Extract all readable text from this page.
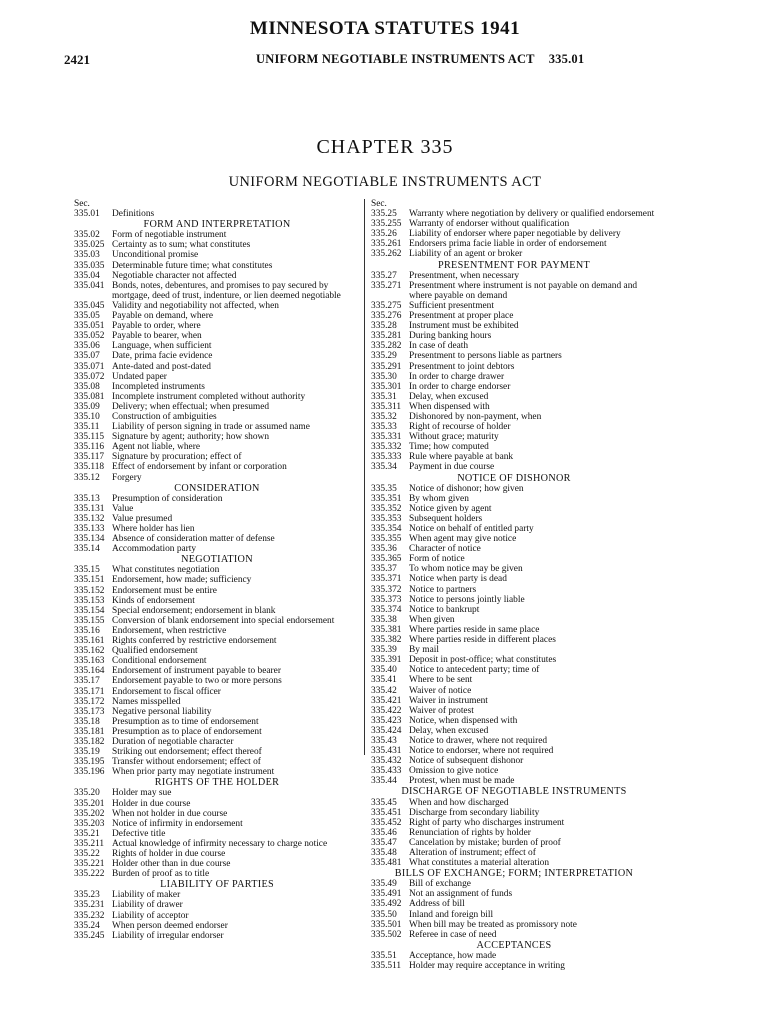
MINNESOTA STATUTES 1941
2421	UNIFORM NEGOTIABLE INSTRUMENTS ACT 335.01
CHAPTER 335
UNIFORM NEGOTIABLE INSTRUMENTS ACT
Sec.
335.01	Definitions
FORM AND INTERPRETATION
335.02	Form of negotiable instrument
335.025 Certainty as to sum; what constitutes
335.03	Unconditional promise
335.035 Determinable future time; what constitutes
335.04	Negotiable character not affected
335.041 Bonds, notes, debentures, and promises to pay secured by mortgage, deed of trust, indenture, or lien deemed negotiable
335.045 Validity and negotiability not affected, when
335.05	Payable on demand, where
335.051 Payable to order, where
335.052 Payable to bearer, when
335.06	Language, when sufficient
335.07	Date, prima facie evidence
335.071 Ante-dated and post-dated
335.072 Undated paper
335.08	Incompleted instruments
335.081 Incomplete instrument completed without authority
335.09	Delivery; when effectual; when presumed
335.10	Construction of ambiguities
335.11	Liability of person signing in trade or assumed name
335.115 Signature by agent; authority; how shown
335.116 Agent not liable, where
335.117 Signature by procuration; effect of
335.118 Effect of endorsement by infant or corporation
335.12	Forgery
CONSIDERATION
335.13	Presumption of consideration
335.131 Value
335.132 Value presumed
335.133 Where holder has lien
335.134 Absence of consideration matter of defense
335.14	Accommodation party
NEGOTIATION
335.15	What constitutes negotiation
335.151 Endorsement, how made; sufficiency
335.152 Endorsement must be entire
335.153 Kinds of endorsement
335.154 Special endorsement; endorsement in blank
335.155 Conversion of blank endorsement into special endorsement
335.16	Endorsement, when restrictive
335.161 Rights conferred by restrictive endorsement
335.162 Qualified endorsement
335.163 Conditional endorsement
335.164 Endorsement of instrument payable to bearer
335.17	Endorsement payable to two or more persons
335.171 Endorsement to fiscal officer
335.172 Names misspelled
335.173 Negative personal liability
335.18	Presumption as to time of endorsement
335.181 Presumption as to place of endorsement
335.182 Duration of negotiable character
335.19	Striking out endorsement; effect thereof
335.195 Transfer without endorsement; effect of
335.196 When prior party may negotiate instrument
RIGHTS OF THE HOLDER
335.20	Holder may sue
335.201 Holder in due course
335.202 When not holder in due course
335.203 Notice of infirmity in endorsement
335.21	Defective title
335.211 Actual knowledge of infirmity necessary to charge notice
335.22	Rights of holder in due course
335.221 Holder other than in due course
335.222 Burden of proof as to title
LIABILITY OF PARTIES
335.23	Liability of maker
335.231 Liability of drawer
335.232 Liability of acceptor
335.24	When person deemed endorser
335.245 Liability of irregular endorser
Sec.
335.25	Warranty where negotiation by delivery or qualified endorsement
335.255 Warranty of endorser without qualification
335.26	Liability of endorser where paper negotiable by delivery
335.261 Endorsers prima facie liable in order of endorsement
335.262 Liability of an agent or broker
PRESENTMENT FOR PAYMENT
335.27	Presentment, when necessary
335.271 Presentment where instrument is not payable on demand and where payable on demand
335.275 Sufficient presentment
335.276 Presentment at proper place
335.28	Instrument must be exhibited
335.281 During banking hours
335.282 In case of death
335.29	Presentment to persons liable as partners
335.291 Presentment to joint debtors
335.30	In order to charge drawer
335.301 In order to charge endorser
335.31	Delay, when excused
335.311 When dispensed with
335.32	Dishonored by non-payment, when
335.33	Right of recourse of holder
335.331 Without grace; maturity
335.332 Time; how computed
335.333 Rule where payable at bank
335.34	Payment in due course
NOTICE OF DISHONOR
335.35	Notice of dishonor; how given
335.351 By whom given
335.352 Notice given by agent
335.353 Subsequent holders
335.354 Notice on behalf of entitled party
335.355 When agent may give notice
335.36	Character of notice
335.365 Form of notice
335.37	To whom notice may be given
335.371 Notice when party is dead
335.372 Notice to partners
335.373 Notice to persons jointly liable
335.374 Notice to bankrupt
335.38	When given
335.381 Where parties reside in same place
335.382 Where parties reside in different places
335.39	By mail
335.391 Deposit in post-office; what constitutes
335.40	Notice to antecedent party; time of
335.41	Where to be sent
335.42	Waiver of notice
335.421 Waiver in instrument
335.422 Waiver of protest
335.423 Notice, when dispensed with
335.424 Delay, when excused
335.43	Notice to drawer, where not required
335.431 Notice to endorser, where not required
335.432 Notice of subsequent dishonor
335.433 Omission to give notice
335.44	Protest, when must be made
DISCHARGE OF NEGOTIABLE INSTRUMENTS
335.45	When and how discharged
335.451 Discharge from secondary liability
335.452 Right of party who discharges instrument
335.46	Renunciation of rights by holder
335.47	Cancelation by mistake; burden of proof
335.48	Alteration of instrument; effect of
335.481 What constitutes a material alteration
BILLS OF EXCHANGE; FORM; INTERPRETATION
335.49	Bill of exchange
335.491 Not an assignment of funds
335.492 Address of bill
335.50	Inland and foreign bill
335.501 When bill may be treated as promissory note
335.502 Referee in case of need
ACCEPTANCES
335.51	Acceptance, how made
335.511 Holder may require acceptance in writing
